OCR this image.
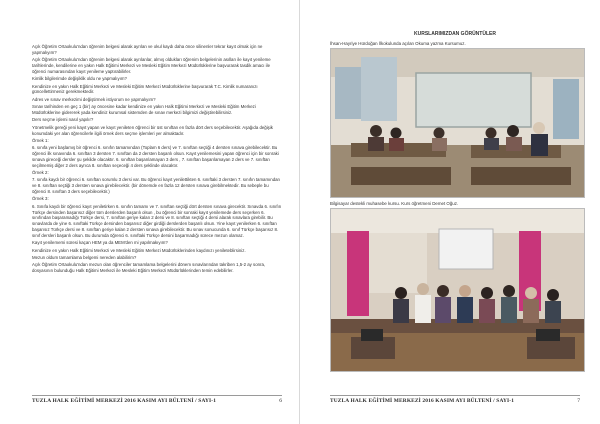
Açık Öğretim Ortaokulu'ndan öğrenim belgesi alarak ayrılan ve okul kaydı daha önce silinenler tekrar kayıt olmak için ne yapmalıyım?

Açık Öğretim Ortaokulu'ndan öğrenim belgesi alarak ayrılanlar, almış oldukları öğrenim belgelerinin asılları ile kayıt yenileme tarihlerinde, kendilerine en yakın Halk Eğitimi Merkezi ve Mesleki Eğitim Merkezi Müdürlüklerine başvurarak tasdik amacı ile öğrenci numarasından kayıt yenileme yaptırabilirler.

Kimlik bilgilerimde değişiklik oldu ne yapmalıyım?

Kendinize en yakın Halk Eğitimi Merkezi ve Mesleki Eğitim Merkezi Müdürlüklerine başvurarak T.C. Kimlik numaranızı güncellettirmeniz gerekmektedir.

Adres ve sınav merkezimi değiştirmek istiyorum ne yapmalıyım?

Sınav tarihinden en geç 1 (bir) ay öncesine kadar kendinize en yakın Halk Eğitimi Merkezi ve Mesleki Eğitim Merkezi Müdürlüklerine gidererek yada kendiniz kurumsal sistemden de sınav merkezi bilgimizi değiştirebilirsiniz.

Ders seçme işlemi nasıl yapılır?

Yönetmelik gereği yeni kayıt yapan ve kayıt yenileten öğrenci bir üst sınıftan en fazla dört ders seçebilecektir. Aşağıda değişik konumdaki yer alan öğrencilerle ilgili örnek ders seçme işlemleri yer almaktadır.

Örnek 1:

6. sınıfa yeni başlamış bir öğrenci 6. sınıfın tamamından (Toplam 6 ders) ve 7. sınıftan seçtiği 4 dersten sınava girebilecektir. Bu öğrenci ilk sınavında 6. sınıftan 3 dersten 7. sınıftan da 2 dersten başarılı olsun. Kayıt yenilemesini yapan öğrenci için bir sonraki sınava gireceği dersler şu şekilde olacaktır. 6. sınıftan başarılamayan 3 ders , 7. sınıftan başarılamayan 2 ders ve 7. sınıftan seçilmemiş diğer 2 ders ayrıca 8. sınıftan seçeceği 4 ders şeklinde olacaktır.

Örnek 2:

7. sınıfa kaydı bir öğrenci 6. sınıftan sorumlu 3 dersi var. Bu öğrenci kayıt yenilettikten 6. sınıftaki 3 dersten 7. sınıfın tamamından ve 8. sınıftan seçtiği 3 dersten sınava girebilecektir. (bir dönemde en fazla 12 dersten sınava girebilmektedir. Bu sebeple bu öğrenci 8. sınıftan 3 ders seçebilecektir.)

Örnek 3:

6. Sınıfa kaydı bir öğrenci kayıt yeniletirken 6. sınıfın tamamı ve 7. sınıftan seçtiği dört dersten sınava girecektir. Sınavda 6. sınıfın Türkçe dersinden başarısız diğer tüm derslerden başarılı olsun , bu öğrenci bir sonraki kayıt yenilemede ders seçerken 6. sınıfından başaramadığı Türkçe dersi, 7. sınıftan geriye kalan 2 dersi ve 8. sınıftan seçtiği 4 dersi alarak sınavlara girebilir. Bu sınavlarda de yine 6. sınıftaki Türkçe dersinden başarısız diğer girdiği derslerden başarılı olsun. Yine kayıt yenilerken 6. sınıftan başarısız Türkçe dersi ve 8. sınıftan geriye kalan 2 dersten sınava girebilecektir. Bu sınav sonucunda 6. sınıf Türkçe başarısız 8. sınıf dersleri başarılı olsun. Bu durumda öğrenci 6. sınıftaki Türkçe dersini başarmadığı sürece mezun olamaz.

Kayıt yenilememi süresi kaçan HEM ya da MEM'den mi yapılmakıyım?

Kendinize en yakın Halk Eğitimi Merkezi ve Mesleki Eğitim Merkezi Müdürlüklerinden kaydınızı yenileteblirsiniz.

Mezun oldum tamamlama belgemi nereden alabilirim?

Açık Öğretim Ortaokulu'ndan mezun olan öğrenciler tamamlama belgelerini dönem sınavlarından takriben 1,5-2 ay sonra, dosyasının bulunduğu Halk Eğitimi Merkezi ile Mesleki Eğitim Merkezi Müdürlüklerinden temin edebilirler.

TUZLA HALK EĞİTİMİ MERKEZİ 2016 KASIM AYI BÜLTENİ / SAYI-1	6
KURSLARIMIZDAN GÖRÜNTÜLER
İhsan-Hayriye Hürdoğan İlkokulunda açılan Okuma yazma Kursumuz.
Bilgisayar destekli muhasebe kursu. Kurs öğretmeni Demet Oğuz.
TUZLA HALK EĞİTİMİ MERKEZİ 2016 KASIM AYI BÜLTENİ / SAYI-1	7
